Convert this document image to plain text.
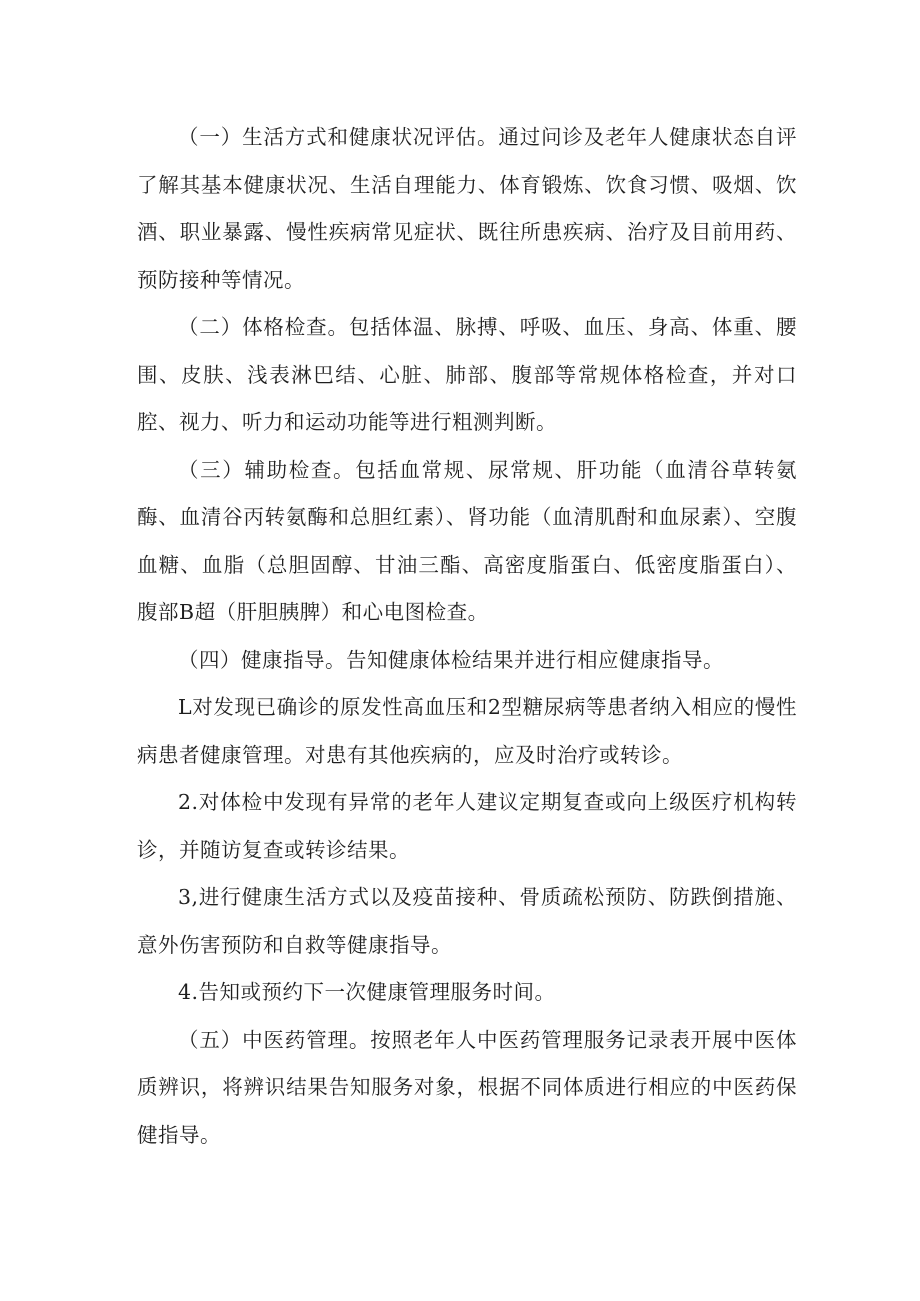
（一）生活方式和健康状况评估。通过问诊及老年人健康状态自评了解其基本健康状况、生活自理能力、体育锻炼、饮食习惯、吸烟、饮酒、职业暴露、慢性疾病常见症状、既往所患疾病、治疗及目前用药、预防接种等情况。

（二）体格检查。包括体温、脉搏、呼吸、血压、身高、体重、腰围、皮肤、浅表淋巴结、心脏、肺部、腹部等常规体格检查，并对口腔、视力、听力和运动功能等进行粗测判断。

（三）辅助检查。包括血常规、尿常规、肝功能（血清谷草转氨酶、血清谷丙转氨酶和总胆红素）、肾功能（血清肌酎和血尿素）、空腹血糖、血脂（总胆固醇、甘油三酯、高密度脂蛋白、低密度脂蛋白）、腹部B超（肝胆胰脾）和心电图检查。

（四）健康指导。告知健康体检结果并进行相应健康指导。

L对发现已确诊的原发性高血压和2型糖尿病等患者纳入相应的慢性病患者健康管理。对患有其他疾病的，应及时治疗或转诊。

2.对体检中发现有异常的老年人建议定期复查或向上级医疗机构转诊，并随访复查或转诊结果。

3,进行健康生活方式以及疫苗接种、骨质疏松预防、防跌倒措施、意外伤害预防和自救等健康指导。

4.告知或预约下一次健康管理服务时间。

（五）中医药管理。按照老年人中医药管理服务记录表开展中医体质辨识，将辨识结果告知服务对象，根据不同体质进行相应的中医药保健指导。
